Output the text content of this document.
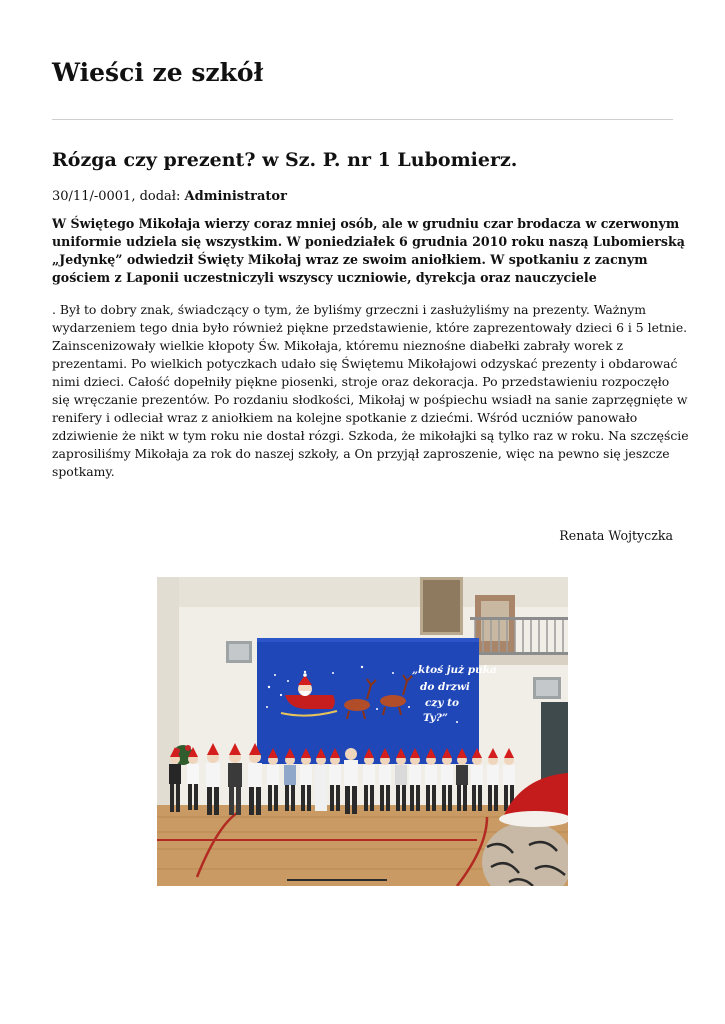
Wieści ze szkół
Rózga czy prezent? w Sz. P. nr 1 Lubomierz.
30/11/-0001, dodał: Administrator

W Świętego Mikołaja wierzy coraz mniej osób, ale w grudniu czar brodacza w czerwonym
uniformie udziela się wszystkim. W poniedziałek 6 grudnia 2010 roku naszą Lubomierską
„Jedynkę” odwiedził Święty Mikołaj wraz ze swoim aniołkiem. W spotkaniu z zacnym
gościem z Laponii uczestniczyli wszyscy uczniowie, dyrekcja oraz nauczyciele

. Był to dobry znak, świadczący o tym, że byliśmy grzeczni i zasłużyliśmy na prezenty. Ważnym
wydarzeniem tego dnia było również piękne przedstawienie, które zaprezentowały dzieci 6 i 5 letnie.
Zainscenizowały wielkie kłopoty Św. Mikołaja, któremu nieznośne diabełki zabrały worek z
prezentami. Po wielkich potyczkach udało się Świętemu Mikołajowi odzyskać prezenty i obdarować
nimi dzieci. Całość dopełniły piękne piosenki, stroje oraz dekoracja. Po przedstawieniu rozpoczęło
się wręczanie prezentów. Po rozdaniu słodkości, Mikołaj w pośpiechu wsiadł na sanie zaprzęgnięte w
renifery i odleciał wraz z aniołkiem na kolejne spotkanie z dziećmi. Wśród uczniów panowało
zdziwienie że nikt w tym roku nie dostał rózgi. Szkoda, że mikołajki są tylko raz w roku. Na szczęście
zaprosiliśmy Mikołaja za rok do naszej szkoły, a On przyjął zaproszenie, więc na pewno się jeszcze
spotkamy.

Renata Wojtyczka
„ktoś już puka
do drzwi
czy to
Ty?”
